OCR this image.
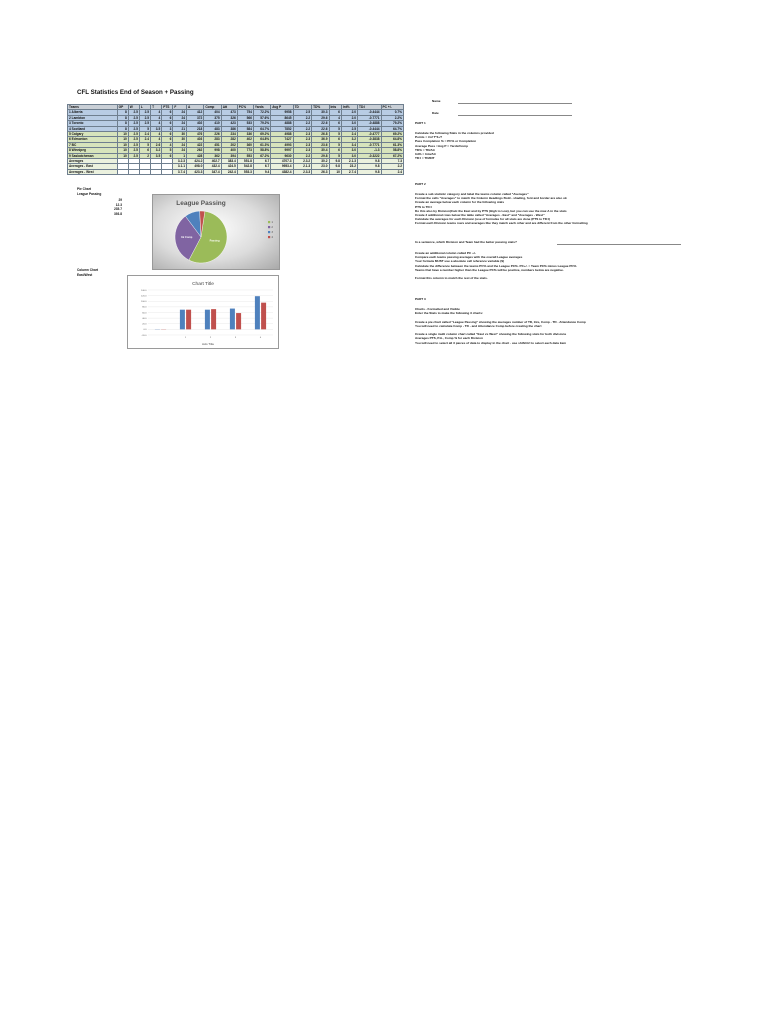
CFL Statistics End of Season + Passing
Teams	GP	W	L	T	PTS	F	A	Comp	Att	PC%	Yards	Avg P	TD	TD%	Ints	Int%	TD:I	PC +/-
1 Alberta	8	2.5	2.5	4	6	24	412	404	473	754	72.2%	9958	2.5	30.3	6	2.0	-0.4444	0.7%
2 Lambton	8	2.5	2.5	4	6	24	372	375	326	566	57.6%	8645	2.2	29.6	4	2.0	-0.7771	2.2%
3 Toronto	8	2.5	2.5	4	6	24	402	410	423	533	79.2%	4888	2.2	22.6	6	3.0	-0.4888	79.2%
4 Scotland	8	2.5	5	3.5	3	21	218	483	386	584	64.7%	7852	2.2	22.6	5	2.5	-0.4444	64.7%
5 Calgary	10	2.5	2.4	4	6	30	476	226	234	336	69.2%	4988	2.3	26.8	5	2.4	-0.4777	69.2%
6 Edmonton	10	2.5	2.4	4	6	30	403	283	282	402	64.8%	7427	2.3	36.9	6	3.2	-0.3838	64.8%
7 BC	10	2.5	5	2.6	4	24	422	451	202	360	61.3%	4993	2.3	23.6	5	3.4	-0.7771	61.3%
8 Winnipeg	10	2.5	6	3.2	5	24	262	998	400	773	58.8%	9997	2.3	30.4	6	3.0	-1.3	58.8%
9 Saskatchewan	10	2.5	2	3.5	6	1	428	362	394	553	67.2%	9630	2.2	29.8	5	3.0	-0.3222	67.2%
Averages						3.2.3	424.2	402.7	383.4	551.8	6.7	4707.3	2.3.2	30.2	9.8	2.1.3	9.8	7.3
Averages - East						3.1.1	498.0	432.4	424.5	542.8	6.7	9953.4	2.1.3	23.0	9.8	23.2	9.8	2.2
Averages - West						3.7.4	423.3	347.4	242.4	553.3	9.4	4382.4	2.3.3	26.3	10	2.7.4	9.8	2.4
Pie Chart
League Passing
29
12.3
235.7
393.8
League Passing
Passing
Int Comp
1
2
3
4
Column Chart
East/West
Chart Title
Axis Title
140.0
120.0
100.0
80.0
60.0
40.0
20.0
0.0
-20.0
1	2	3	4
Name
Date
PART 1
Calculate the following Stats in the columns provided
Points = #of T*3+T
Pass Completion % = PC% or Completion
Average Pass =Avg P = Yards/Comp
TD% = TD/Att
Int% = Ints/Att
TD:I = TD/INT
PART 2
Create a sub statistic category and label the teams column called "Averages"
Format the cells "Averages" to match the Column Headings Bold - shading, font and border are also ok
Create an average below each column for the following stats
PTS to TD:I
Do this also by Division(Calc the East and by PTS (High to Low), but you can use the max A in the stats
Create 2 additional rows below the table called "Averages - East" and "Averages - West"
Calculate the averages for each Division (use of formulas for all stats are done (PTS to TD:I)
Format each Division teams rows and averages like they match each other and are different from the other formatting
In a sentence, which Division and Team had the better passing stats?
Create an additional column called PC +/-
Compare each teams passing averages with the overall League averages
Your formula MUST use a absolute cell reference variable ($)
Calculate the difference between the teams PC% and the League PC%. PC+/- = Team PC% minus League PC%
Teams that have a number higher than the League PC% will be positive, numbers below are negative.
Format this column to match the rest of the stats.
PART 3
Charts - Formatted and Visible
Enter the Stats to make the following 3 charts:
Create a pie chart called "League Passing" showing the averages number of TD, Ints, Comp - TD - Attendance Comp
You will need to calculate Comp - TD - and Attendance Comp before creating the chart
Create a single multi column chart called "East vs West" showing the following stats for both divisions
Averages PTS, P.A., Comp % for each Division
You will need to select all 3 pieces of data to display in the chart - use shift/ctrl to select each data item
